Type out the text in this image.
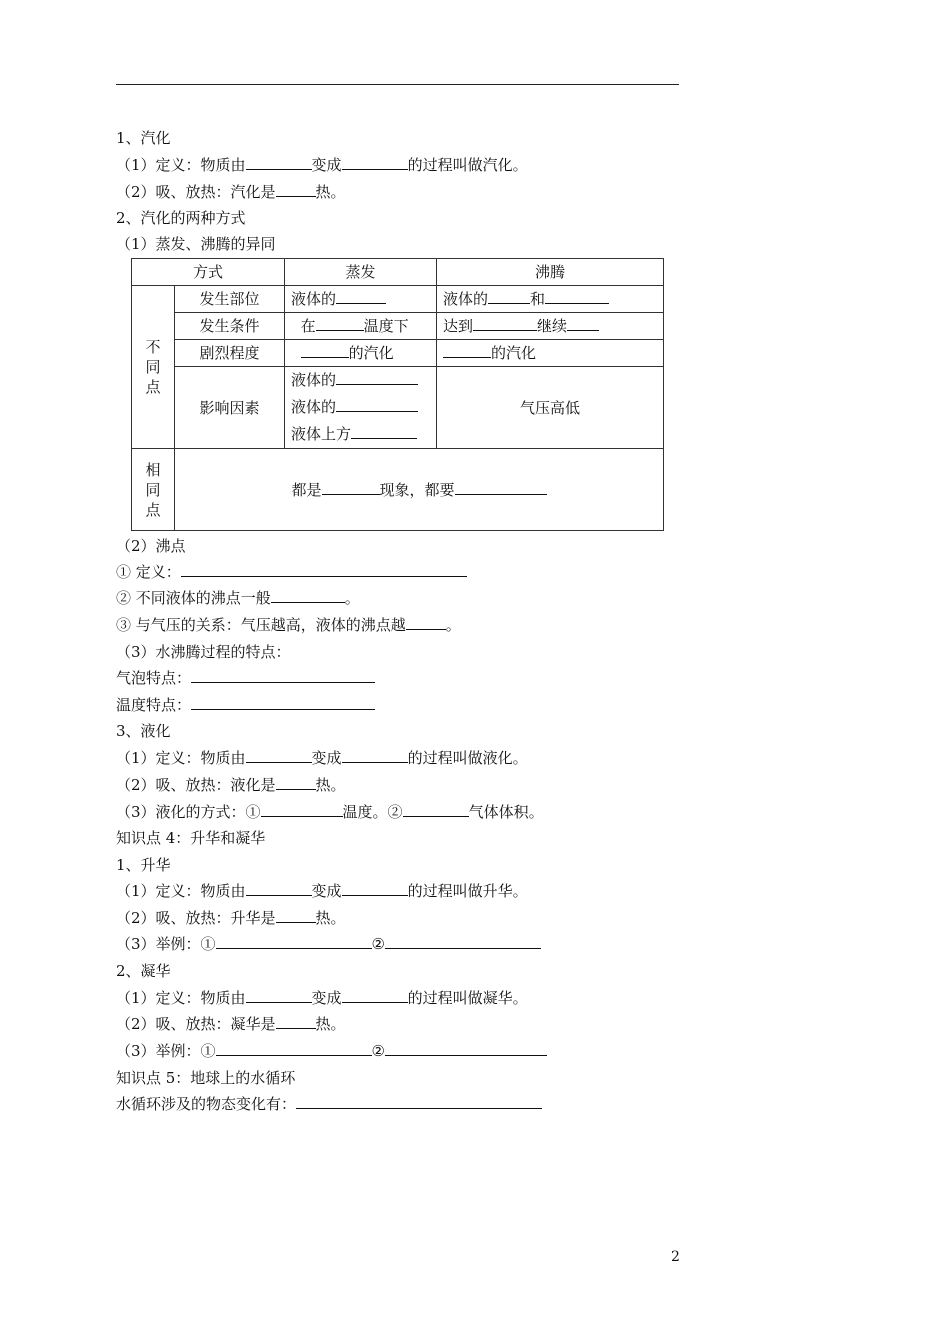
1、汽化
（1）定义：物质由	变成	的过程叫做汽化。
（2）吸、放热：汽化是	热。
2、汽化的两种方式
（1）蒸发、沸腾的异同
方式		蒸发	沸腾

不同点	发生部位	液体的	液体的 和
	发生条件	在 温度下	达到 继续
	剧烈程度	的汽化	的汽化
	影响因素	液体的
液体的
液体上方	气压高低

相同点	都是 现象，都要		
（2）沸点
① 定义：
② 不同液体的沸点一般	。
③ 与气压的关系：气压越高，液体的沸点越	。
（3）水沸腾过程的特点：
气泡特点：
温度特点：
3、液化
（1）定义：物质由	变成	的过程叫做液化。
（2）吸、放热：液化是	热。
（3）液化的方式：①	温度。②	气体体积。
知识点 4：升华和凝华
1、升华
（1）定义：物质由	变成	的过程叫做升华。
（2）吸、放热：升华是	热。
（3）举例：①	②
2、凝华
（1）定义：物质由	变成	的过程叫做凝华。
（2）吸、放热：凝华是	热。
（3）举例：①	②
知识点 5：地球上的水循环
水循环涉及的物态变化有：
2
